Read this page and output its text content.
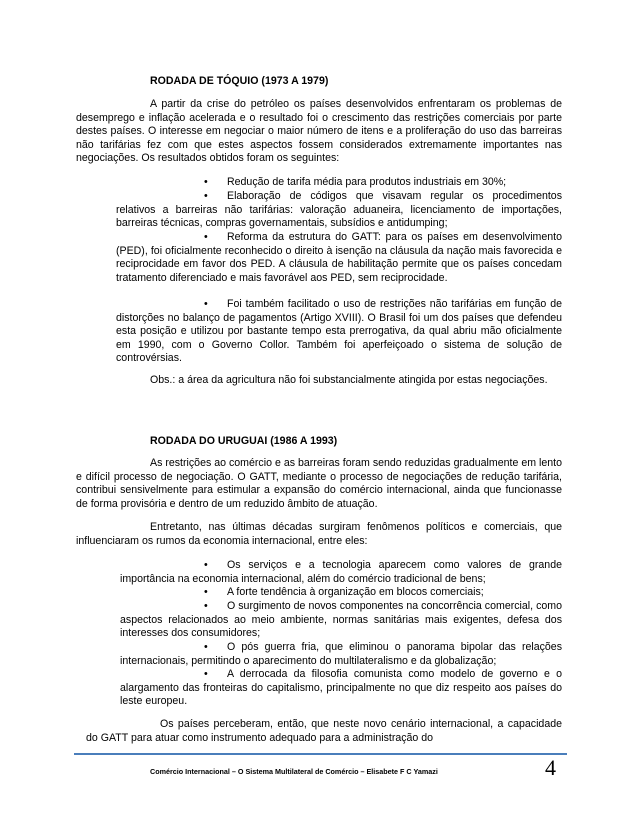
RODADA DE TÓQUIO (1973 A 1979)

A partir da crise do petróleo os países desenvolvidos enfrentaram os problemas de desemprego e inflação acelerada e o resultado foi o crescimento das restrições comerciais por parte destes países. O interesse em negociar o maior número de itens e a proliferação do uso das barreiras não tarifárias fez com que estes aspectos fossem considerados extremamente importantes nas negociações. Os resultados obtidos foram os seguintes:

•	Redução de tarifa média para produtos industriais em 30%;

•	Elaboração de códigos que visavam regular os procedimentos relativos a barreiras não tarifárias: valoração aduaneira, licenciamento de importações, barreiras técnicas, compras governamentais, subsídios e antidumping;

•	Reforma da estrutura do GATT: para os países em desenvolvimento (PED), foi oficialmente reconhecido o direito à isenção na cláusula da nação mais favorecida e reciprocidade em favor dos PED. A cláusula de habilitação permite que os países concedam tratamento diferenciado e mais favorável aos PED, sem reciprocidade.

•	Foi também facilitado o uso de restrições não tarifárias em função de distorções no balanço de pagamentos (Artigo XVIII). O Brasil foi um dos países que defendeu esta posição e utilizou por bastante tempo esta prerrogativa, da qual abriu mão oficialmente em 1990, com o Governo Collor. Também foi aperfeiçoado o sistema de solução de controvérsias.

Obs.: a área da agricultura não foi substancialmente atingida por estas negociações.

RODADA DO URUGUAI (1986 A 1993)

As restrições ao comércio e as barreiras foram sendo reduzidas gradualmente em lento e difícil processo de negociação. O GATT, mediante o processo de negociações de redução tarifária, contribui sensivelmente para estimular a expansão do comércio internacional, ainda que funcionasse de forma provisória e dentro de um reduzido âmbito de atuação.

Entretanto, nas últimas décadas surgiram fenômenos políticos e comerciais, que influenciaram os rumos da economia internacional, entre eles:

•	Os serviços e a tecnologia aparecem como valores de grande importância na economia internacional, além do comércio tradicional de bens;

•	A forte tendência à organização em blocos comerciais;

•	O surgimento de novos componentes na concorrência comercial, como aspectos relacionados ao meio ambiente, normas sanitárias mais exigentes, defesa dos interesses dos consumidores;

•	O pós guerra fria, que eliminou o panorama bipolar das relações internacionais, permitindo o aparecimento do multilateralismo e da globalização;

•	A derrocada da filosofia comunista como modelo de governo e o alargamento das fronteiras do capitalismo, principalmente no que diz respeito aos países do leste europeu.

Os países perceberam, então, que neste novo cenário internacional, a capacidade do GATT para atuar como instrumento adequado para a administração do

Comércio Internacional – O Sistema Multilateral de Comércio – Elisabete F C Yamazi	4
